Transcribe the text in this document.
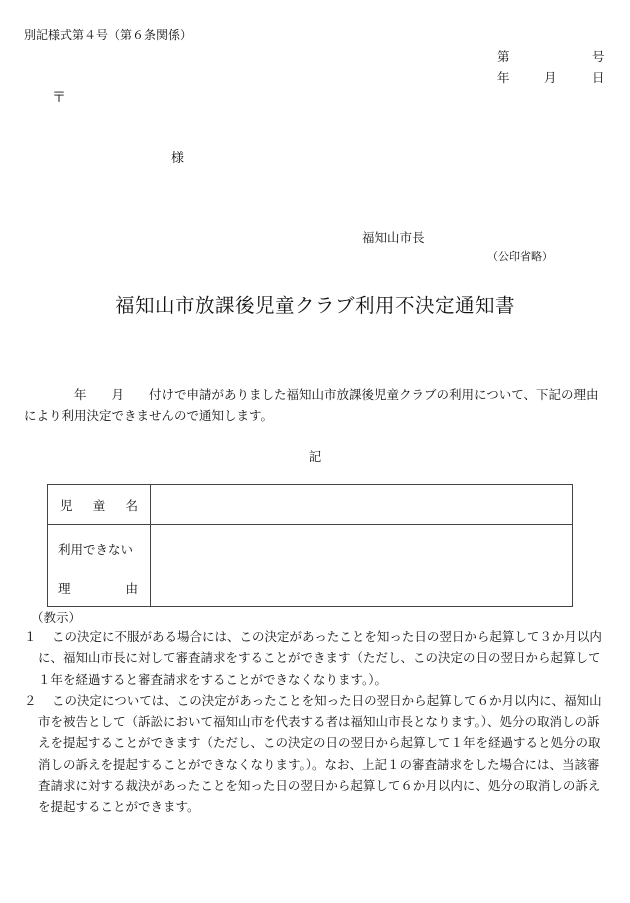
別記様式第４号（第６条関係）
第	号
年	月	日
〒
様
福知山市長
（公印省略）
福知山市放課後児童クラブ利用不決定通知書
　　　　年　　月　　付けで申請がありました福知山市放課後児童クラブの利用について、下記の理由により利用決定できませんので通知します。
記
児 童 名	

利用できない
理 由	

（教示）

１ この決定に不服がある場合には、この決定があったことを知った日の翌日から起算して３か月以内に、福知山市長に対して審査請求をすることができます（ただし、この決定の日の翌日から起算して１年を経過すると審査請求をすることができなくなります。）。

２ この決定については、この決定があったことを知った日の翌日から起算して６か月以内に、福知山市を被告として（訴訟において福知山市を代表する者は福知山市長となります。）、処分の取消しの訴えを提起することができます（ただし、この決定の日の翌日から起算して１年を経過すると処分の取消しの訴えを提起することができなくなります。）。なお、上記１の審査請求をした場合には、当該審査請求に対する裁決があったことを知った日の翌日から起算して６か月以内に、処分の取消しの訴えを提起することができます。
